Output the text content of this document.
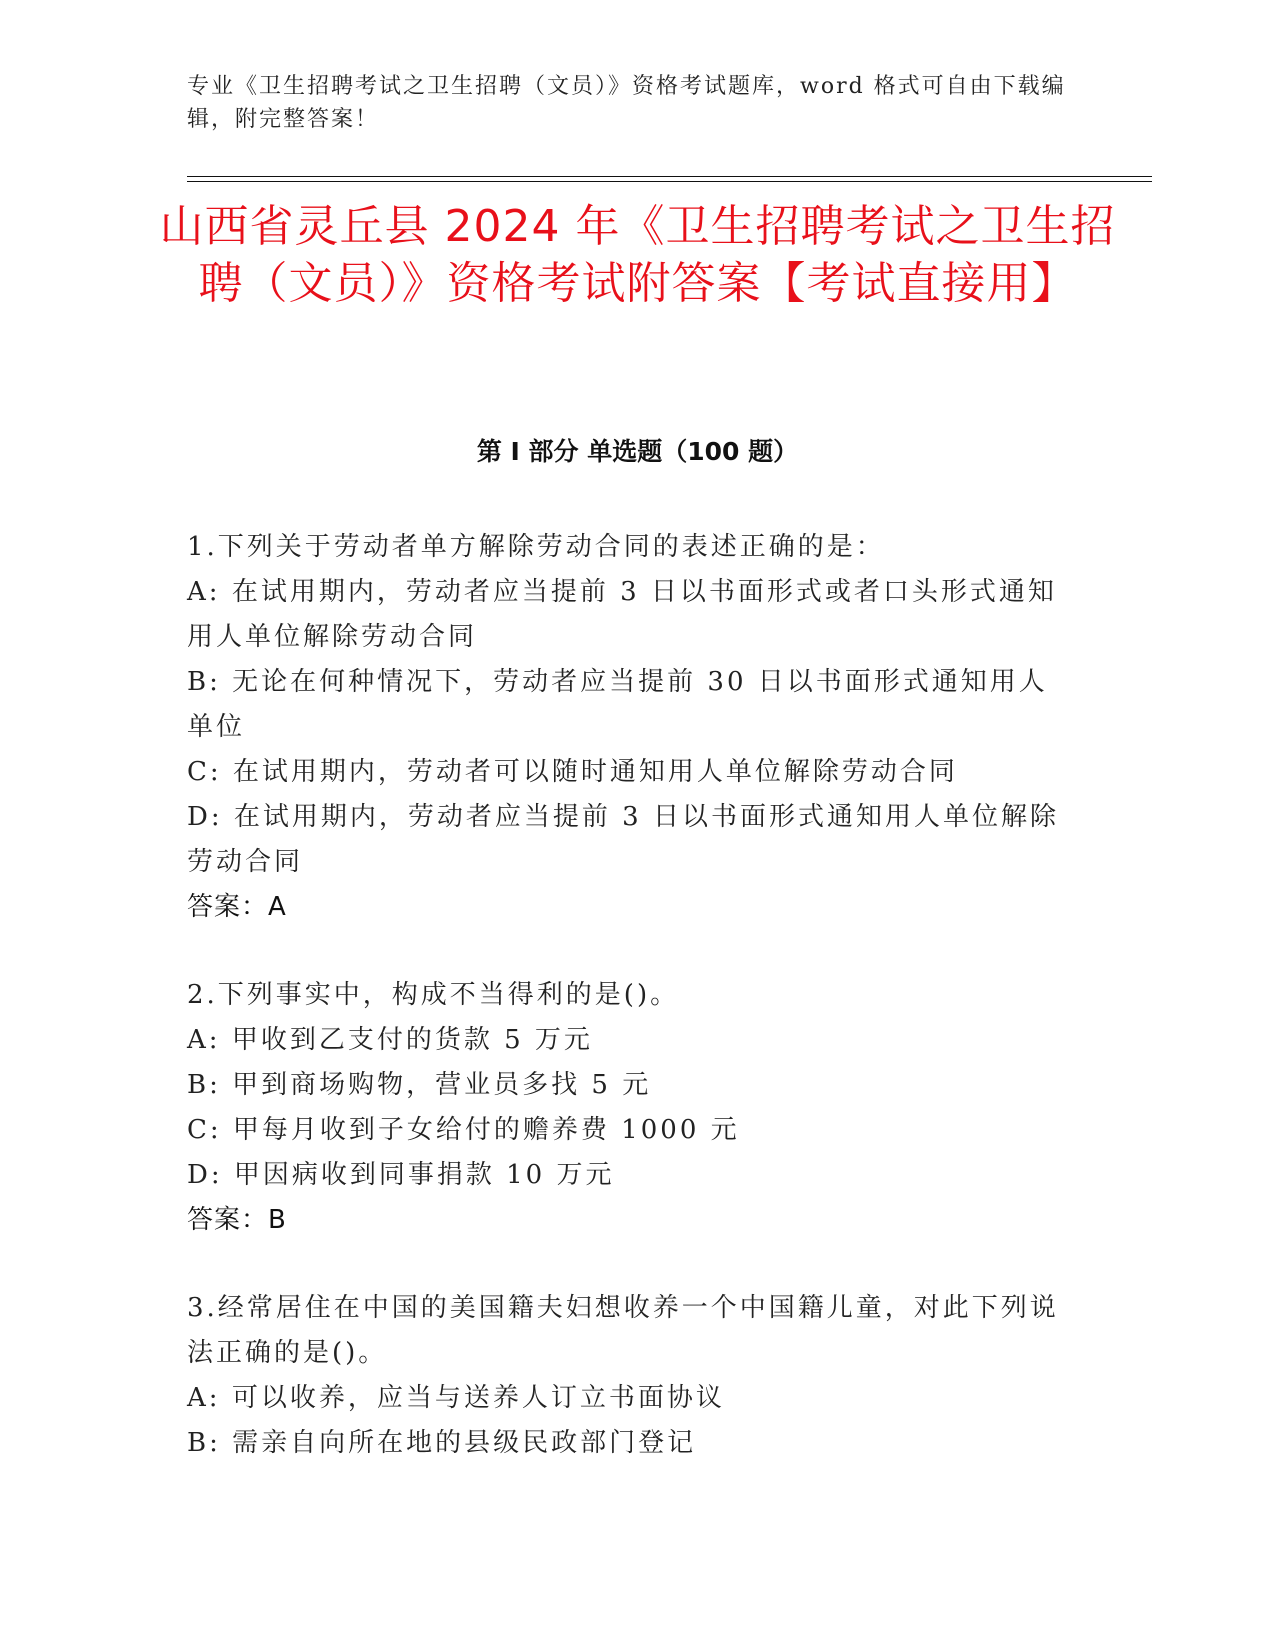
专业《卫生招聘考试之卫生招聘（文员）》资格考试题库，word 格式可自由下载编辑，附完整答案！
山西省灵丘县 2024 年《卫生招聘考试之卫生招聘（文员）》资格考试附答案【考试直接用】
第 I 部分 单选题（100 题）
1.下列关于劳动者单方解除劳动合同的表述正确的是：
A: 在试用期内，劳动者应当提前 3 日以书面形式或者口头形式通知用人单位解除劳动合同
B: 无论在何种情况下，劳动者应当提前 30 日以书面形式通知用人单位
C: 在试用期内，劳动者可以随时通知用人单位解除劳动合同
D: 在试用期内，劳动者应当提前 3 日以书面形式通知用人单位解除劳动合同
答案：A
2.下列事实中，构成不当得利的是()。
A: 甲收到乙支付的货款 5 万元
B: 甲到商场购物，营业员多找 5 元
C: 甲每月收到子女给付的赡养费 1000 元
D: 甲因病收到同事捐款 10 万元
答案：B
3.经常居住在中国的美国籍夫妇想收养一个中国籍儿童，对此下列说法正确的是()。
A: 可以收养，应当与送养人订立书面协议
B: 需亲自向所在地的县级民政部门登记
